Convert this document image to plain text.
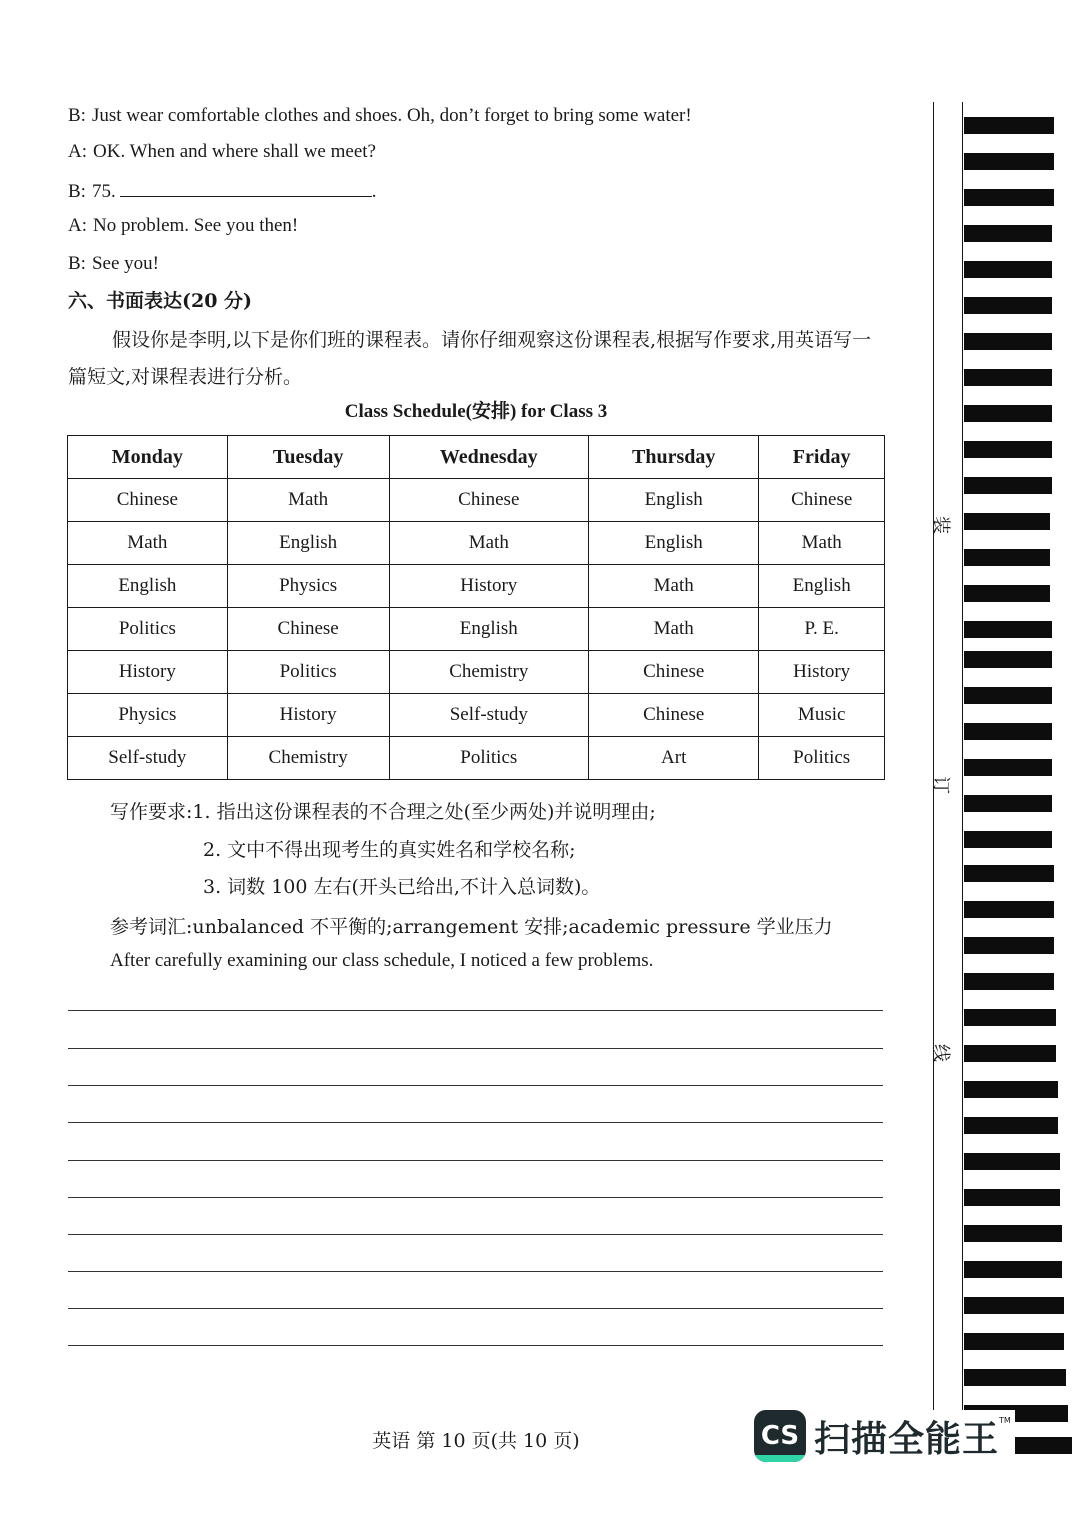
B: Just wear comfortable clothes and shoes. Oh, don’t forget to bring some water!
A: OK. When and where shall we meet?
B: 75.	.
A: No problem. See you then!
B: See you!
六、书面表达(20 分)
假设你是李明,以下是你们班的课程表。请你仔细观察这份课程表,根据写作要求,用英语写一篇短文,对课程表进行分析。
Class Schedule(安排) for Class 3
Monday	Tuesday	Wednesday	Thursday	Friday
Chinese	Math	Chinese	English	Chinese
Math	English	Math	English	Math
English	Physics	History	Math	English
Politics	Chinese	English	Math	P. E.
History	Politics	Chemistry	Chinese	History
Physics	History	Self-study	Chinese	Music
Self-study	Chemistry	Politics	Art	Politics
写作要求:1. 指出这份课程表的不合理之处(至少两处)并说明理由;
2. 文中不得出现考生的真实姓名和学校名称;
3. 词数 100 左右(开头已给出,不计入总词数)。
参考词汇:unbalanced 不平衡的;arrangement 安排;academic pressure 学业压力
After carefully examining our class schedule, I noticed a few problems.
英语 第 10 页(共 10 页)
装
订
线
CS 扫描全能王 TM
